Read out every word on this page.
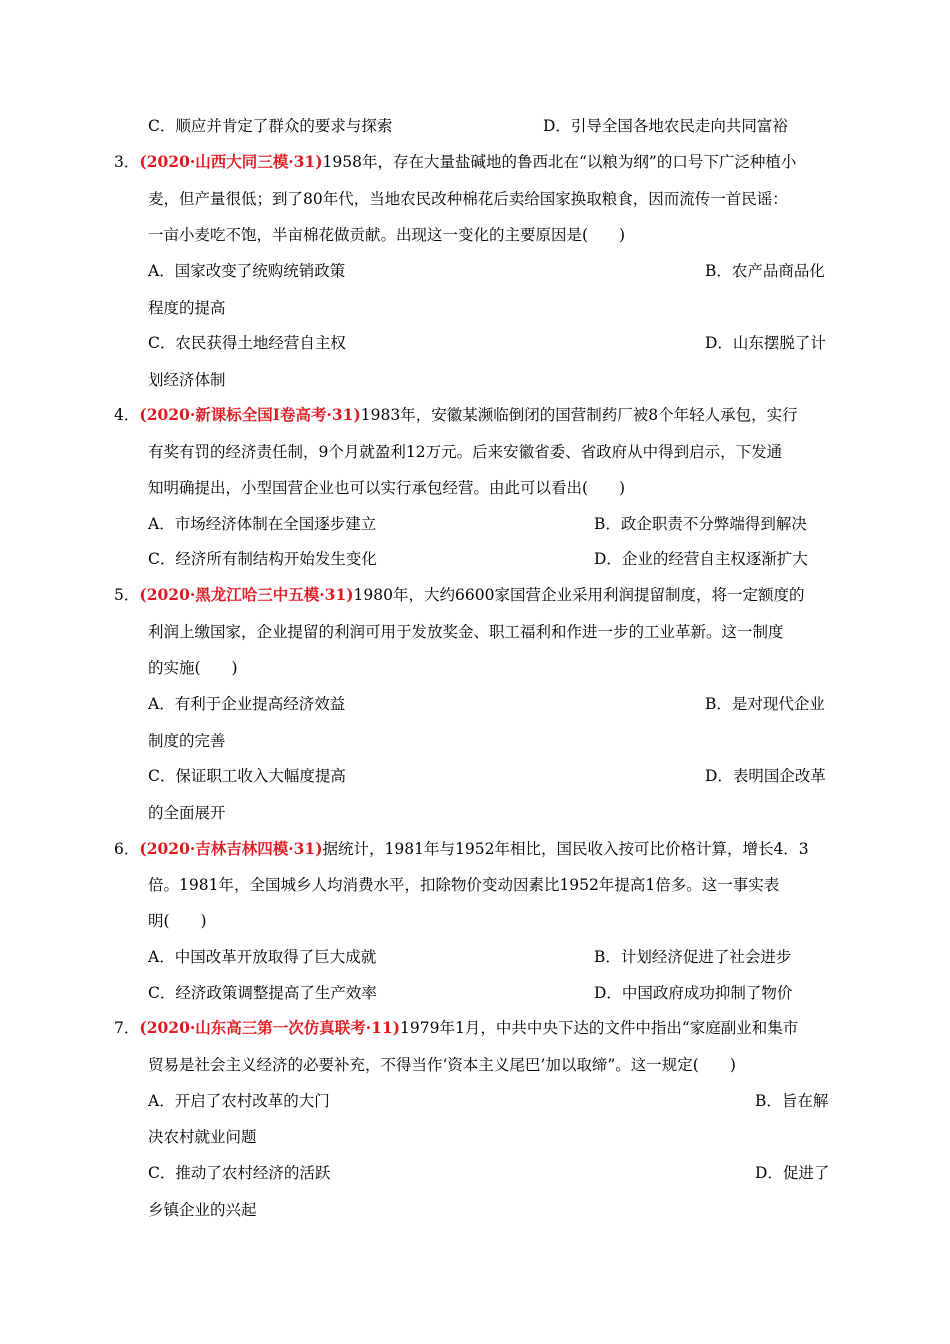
C．顺应并肯定了群众的要求与探索	D．引导全国各地农民走向共同富裕
3．(2020·山西大同三模·31)1958年，存在大量盐碱地的鲁西北在“以粮为纲”的口号下广泛种植小
麦，但产量很低；到了80年代，当地农民改种棉花后卖给国家换取粮食，因而流传一首民谣：
一亩小麦吃不饱，半亩棉花做贡献。出现这一变化的主要原因是(　　)
A．国家改变了统购统销政策	B．农产品商品化
程度的提高
C．农民获得土地经营自主权	D．山东摆脱了计
划经济体制
4．(2020·新课标全国Ⅰ卷高考·31)1983年，安徽某濒临倒闭的国营制药厂被8个年轻人承包，实行
有奖有罚的经济责任制，9个月就盈利12万元。后来安徽省委、省政府从中得到启示，下发通
知明确提出，小型国营企业也可以实行承包经营。由此可以看出(　　)
A．市场经济体制在全国逐步建立	B．政企职责不分弊端得到解决
C．经济所有制结构开始发生变化	D．企业的经营自主权逐渐扩大
5．(2020·黑龙江哈三中五模·31)1980年，大约6600家国营企业采用利润提留制度，将一定额度的
利润上缴国家，企业提留的利润可用于发放奖金、职工福利和作进一步的工业革新。这一制度
的实施(　　)
A．有利于企业提高经济效益	B．是对现代企业
制度的完善
C．保证职工收入大幅度提高	D．表明国企改革
的全面展开
6．(2020·吉林吉林四模·31)据统计，1981年与1952年相比，国民收入按可比价格计算，增长4．3
倍。1981年，全国城乡人均消费水平，扣除物价变动因素比1952年提高1倍多。这一事实表
明(　　)
A．中国改革开放取得了巨大成就	B．计划经济促进了社会进步
C．经济政策调整提高了生产效率	D．中国政府成功抑制了物价
7．(2020·山东高三第一次仿真联考·11)1979年1月，中共中央下达的文件中指出“家庭副业和集市
贸易是社会主义经济的必要补充，不得当作‘资本主义尾巴’加以取缔”。这一规定(　　)
A．开启了农村改革的大门	B．旨在解
决农村就业问题
C．推动了农村经济的活跃	D．促进了
乡镇企业的兴起
